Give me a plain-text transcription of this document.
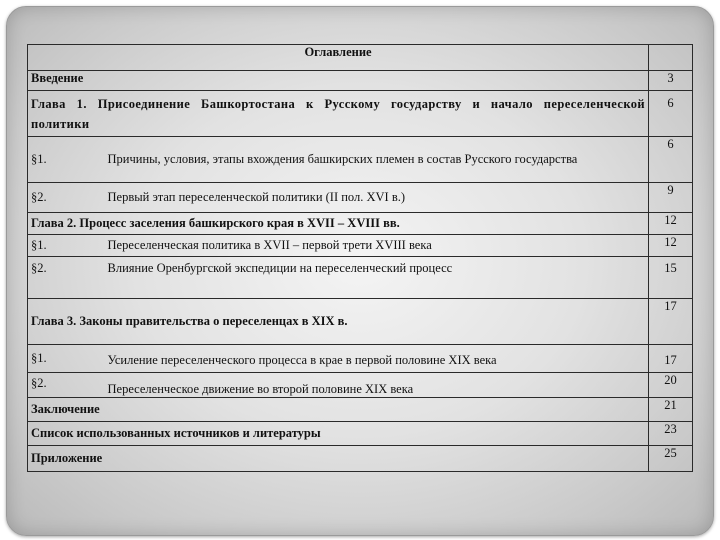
Оглавление		
Введение		3
Глава 1. Присоединение Башкортостана к Русскому государству и начало переселенческой политики		6
§1.	Причины, условия, этапы вхождения башкирских племен в состав Русского государства	6
§2.	Первый этап переселенческой политики (II пол. XVI в.)	9
Глава 2. Процесс заселения башкирского края в XVII – XVIII вв.		12
§1.	Переселенческая политика в XVII – первой трети XVIII века	12
§2.	Влияние Оренбургской экспедиции на переселенческий процесс	15
Глава 3. Законы правительства о переселенцах в XIX в.		17
§1.	Усиление переселенческого процесса в крае в первой половине XIX века	17
§2.	Переселенческое движение во второй половине XIX века	20
Заключение		21
Список использованных источников и литературы		23
Приложение		25
